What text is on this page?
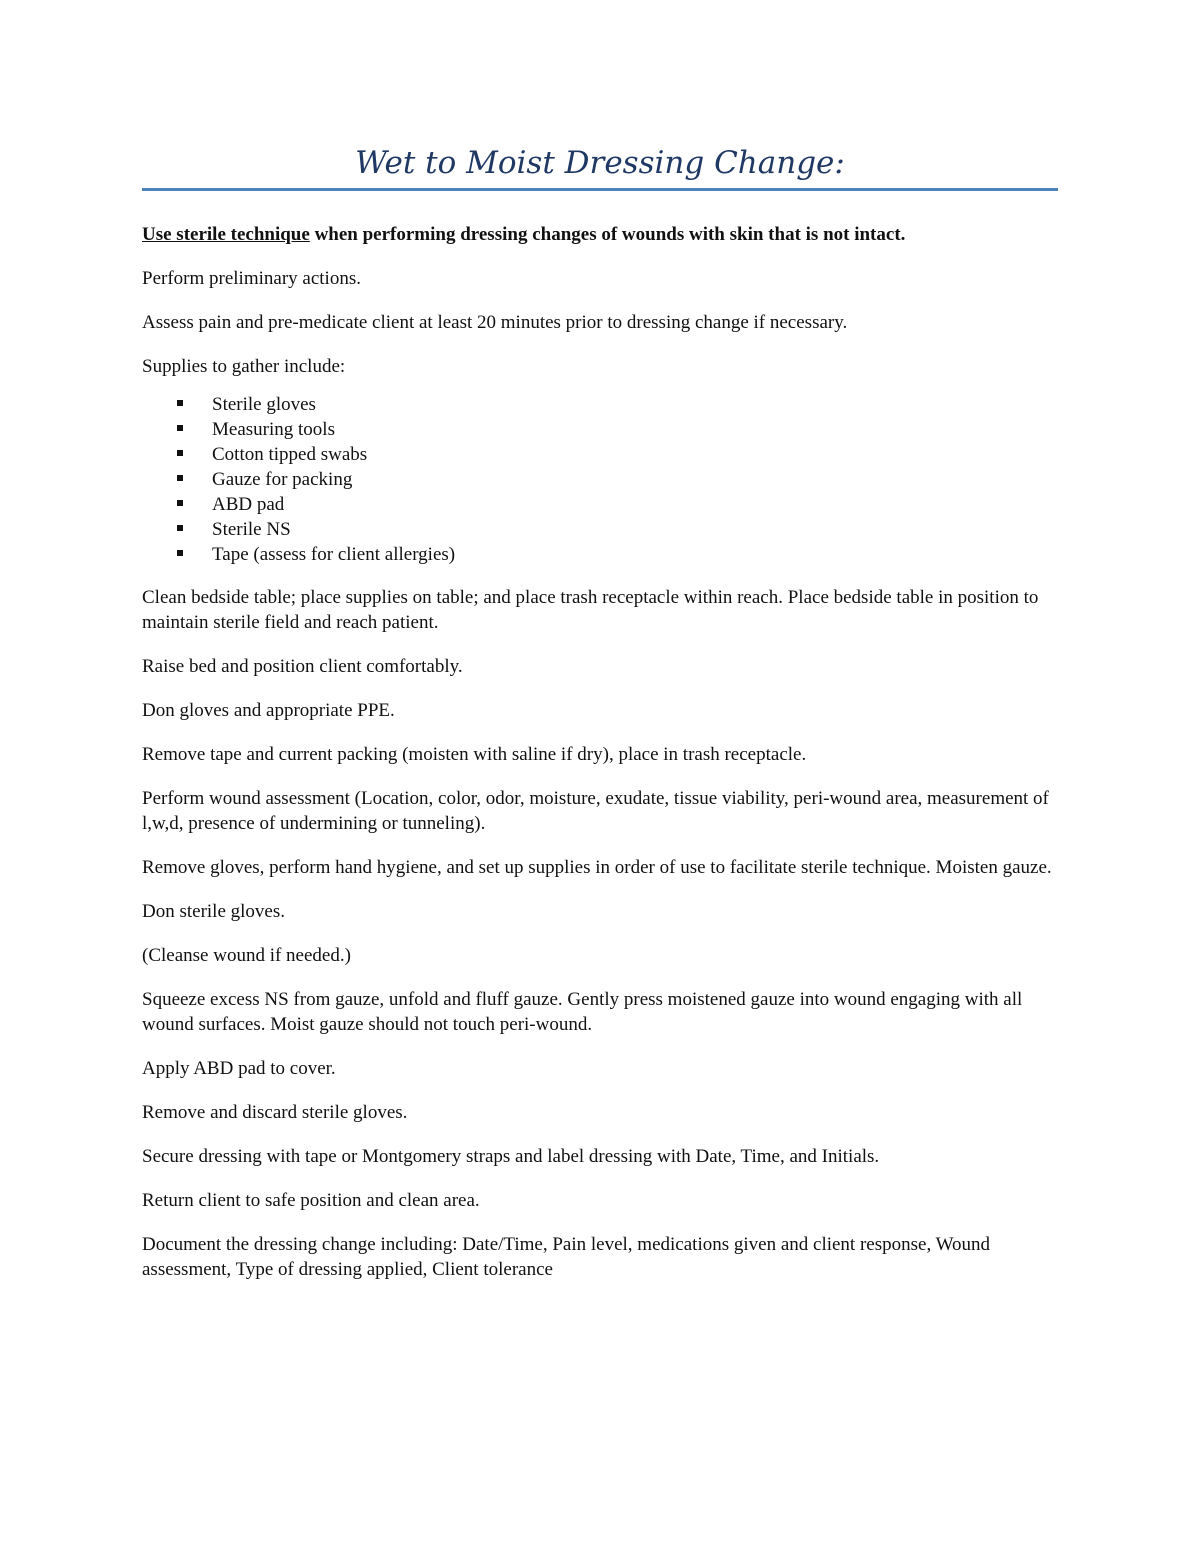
Wet to Moist Dressing Change:

Use sterile technique when performing dressing changes of wounds with skin that is not intact.

Perform preliminary actions.

Assess pain and pre-medicate client at least 20 minutes prior to dressing change if necessary.

Supplies to gather include:

Sterile gloves
Measuring tools
Cotton tipped swabs
Gauze for packing
ABD pad
Sterile NS
Tape (assess for client allergies)

Clean bedside table; place supplies on table; and place trash receptacle within reach. Place bedside table in position to maintain sterile field and reach patient.

Raise bed and position client comfortably.

Don gloves and appropriate PPE.

Remove tape and current packing (moisten with saline if dry), place in trash receptacle.

Perform wound assessment (Location, color, odor, moisture, exudate, tissue viability, peri-wound area, measurement of l,w,d, presence of undermining or tunneling).

Remove gloves, perform hand hygiene, and set up supplies in order of use to facilitate sterile technique. Moisten gauze.

Don sterile gloves.

(Cleanse wound if needed.)

Squeeze excess NS from gauze, unfold and fluff gauze. Gently press moistened gauze into wound engaging with all wound surfaces. Moist gauze should not touch peri-wound.

Apply ABD pad to cover.

Remove and discard sterile gloves.

Secure dressing with tape or Montgomery straps and label dressing with Date, Time, and Initials.

Return client to safe position and clean area.

Document the dressing change including: Date/Time, Pain level, medications given and client response, Wound assessment, Type of dressing applied, Client tolerance
